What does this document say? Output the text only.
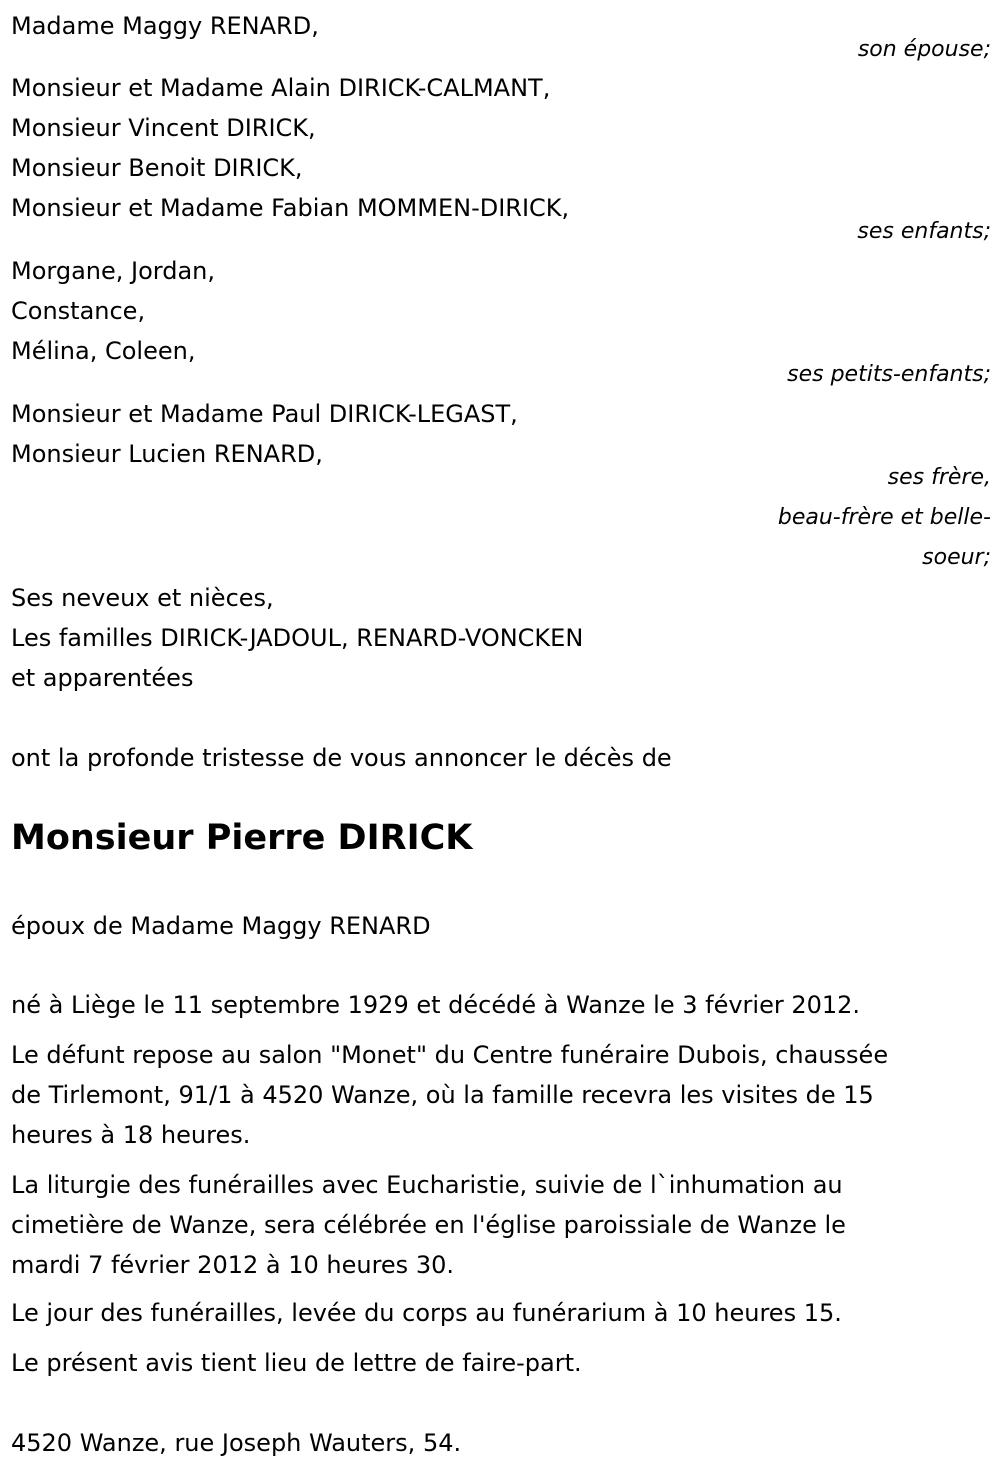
Madame Maggy RENARD,
son épouse;
Monsieur et Madame Alain DIRICK-CALMANT,
Monsieur Vincent DIRICK,
Monsieur Benoit DIRICK,
Monsieur et Madame Fabian MOMMEN-DIRICK,
ses enfants;
Morgane, Jordan,
Constance,
Mélina, Coleen,
ses petits-enfants;
Monsieur et Madame Paul DIRICK-LEGAST,
Monsieur Lucien RENARD,
ses frère,
beau-frère et belle-
soeur;
Ses neveux et nièces,
Les familles DIRICK-JADOUL, RENARD-VONCKEN
et apparentées
ont la profonde tristesse de vous annoncer le décès de
Monsieur Pierre DIRICK
époux de Madame Maggy RENARD
né à Liège le 11 septembre 1929 et décédé à Wanze le 3 février 2012.
Le défunt repose au salon "Monet" du Centre funéraire Dubois, chaussée
de Tirlemont, 91/1 à 4520 Wanze, où la famille recevra les visites de 15
heures à 18 heures.
La liturgie des funérailles avec Eucharistie, suivie de l`inhumation au
cimetière de Wanze, sera célébrée en l'église paroissiale de Wanze le
mardi 7 février 2012 à 10 heures 30.
Le jour des funérailles, levée du corps au funérarium à 10 heures 15.
Le présent avis tient lieu de lettre de faire-part.
4520 Wanze, rue Joseph Wauters, 54.
